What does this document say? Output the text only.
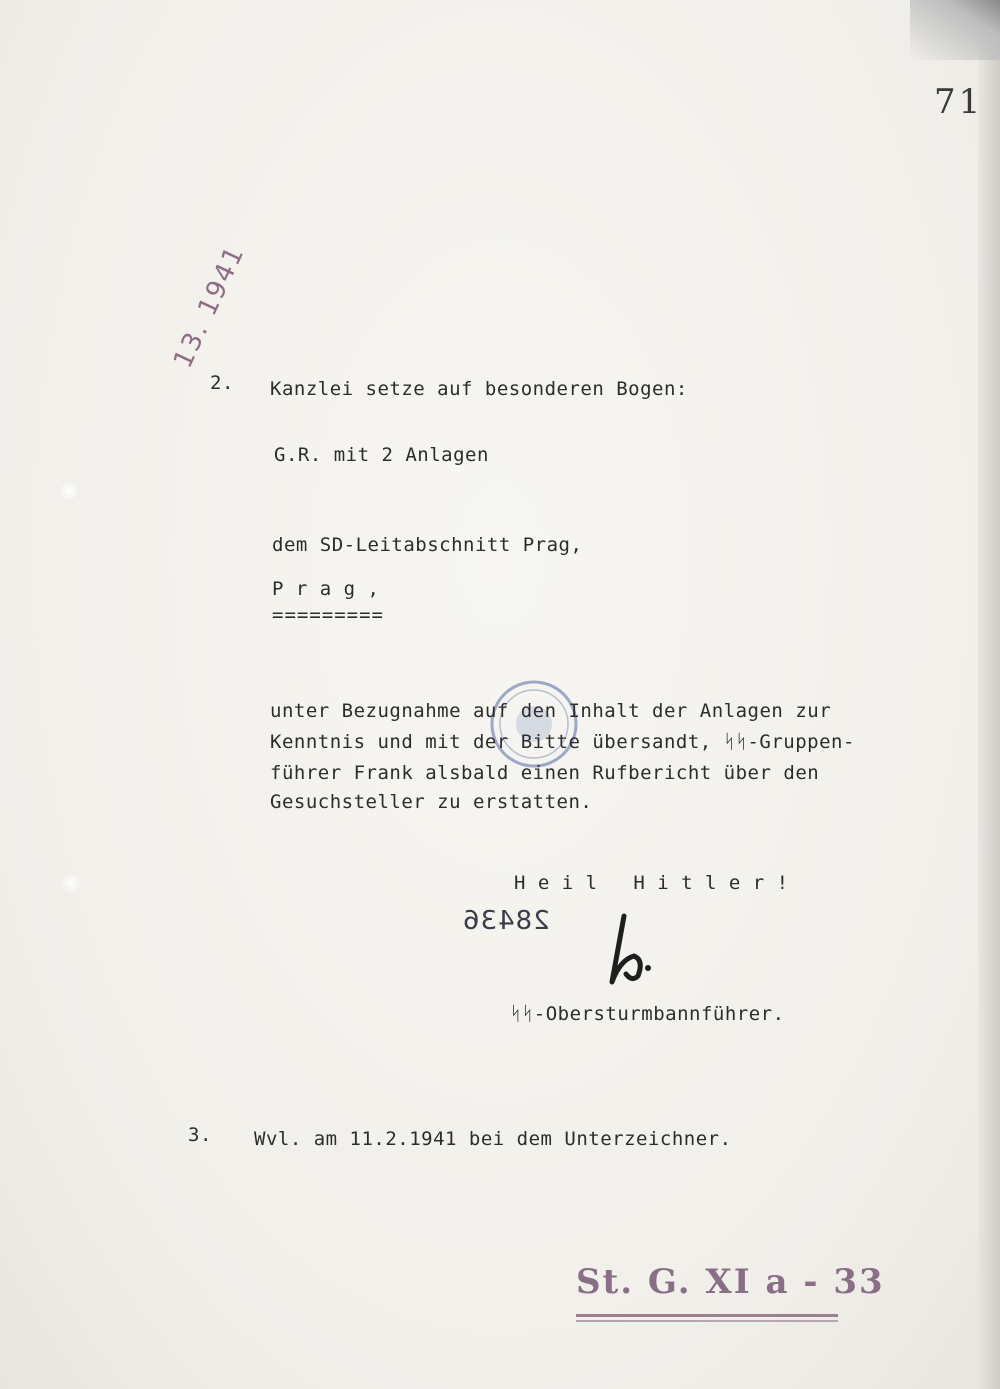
71
13. 1941
2. Kanzlei setze auf besonderen Bogen:
G.R. mit 2 Anlagen
dem SD-Leitabschnitt Prag,
P r a g ,
=========
unter Bezugnahme auf den Inhalt der Anlagen zur
Kenntnis und mit der Bitte übersandt, ᛋᛋ-Gruppen-
führer Frank alsbald einen Rufbericht über den
Gesuchsteller zu erstatten.
H e i l   H i t l e r !
28436
ᛋᛋ-Obersturmbannführer.
3. Wvl. am 11.2.1941 bei dem Unterzeichner.
St. G. XI a - 33
